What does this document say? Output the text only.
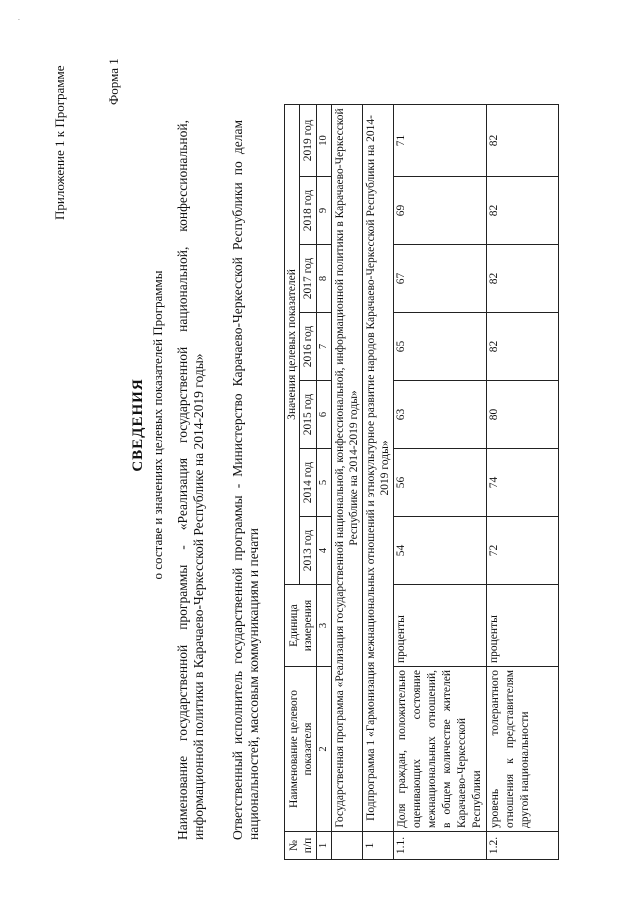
·
Приложение 1 к Программе	Форма 1
СВЕДЕНИЯ о составе и значениях целевых показателей Программы Наименование государственной программы - «Реализация государственной национальной, конфессиональной, информационной политики в Карачаево-Черкесской Республике на 2014-2019 годы» Ответственный исполнитель государственной программы - Министерство Карачаево-Черкесской Республики по делам национальностей, массовым коммуникациям и печати
№ п/п	Наименование целевого показателя	Единица измерения	Значения целевых показателей						
			2013 год	2014 год	2015 год	2016 год	2017 год	2018 год	2019 год
1	2	3	4	5	6	7	8	9	10
	Государственная программа «Реализация государственной национальной, конфессиональной, информационной политики в Карачаево-Черкесской Республике на 2014-2019 годы»								
1	Подпрограмма 1 «Гармонизация межнациональных отношений и этнокультурное развитие народов Карачаево-Черкесской Республики на 2014-2019 годы»								
1.1.	Доля граждан, положительно оценивающих состояние межнациональных отношений, в общем количестве жителей Карачаево-Черкесской Республики	проценты	54	56	63	65	67	69	71
1.2.	уровень толерантного отношения к представителям другой национальности	проценты	72	74	80	82	82	82	82
